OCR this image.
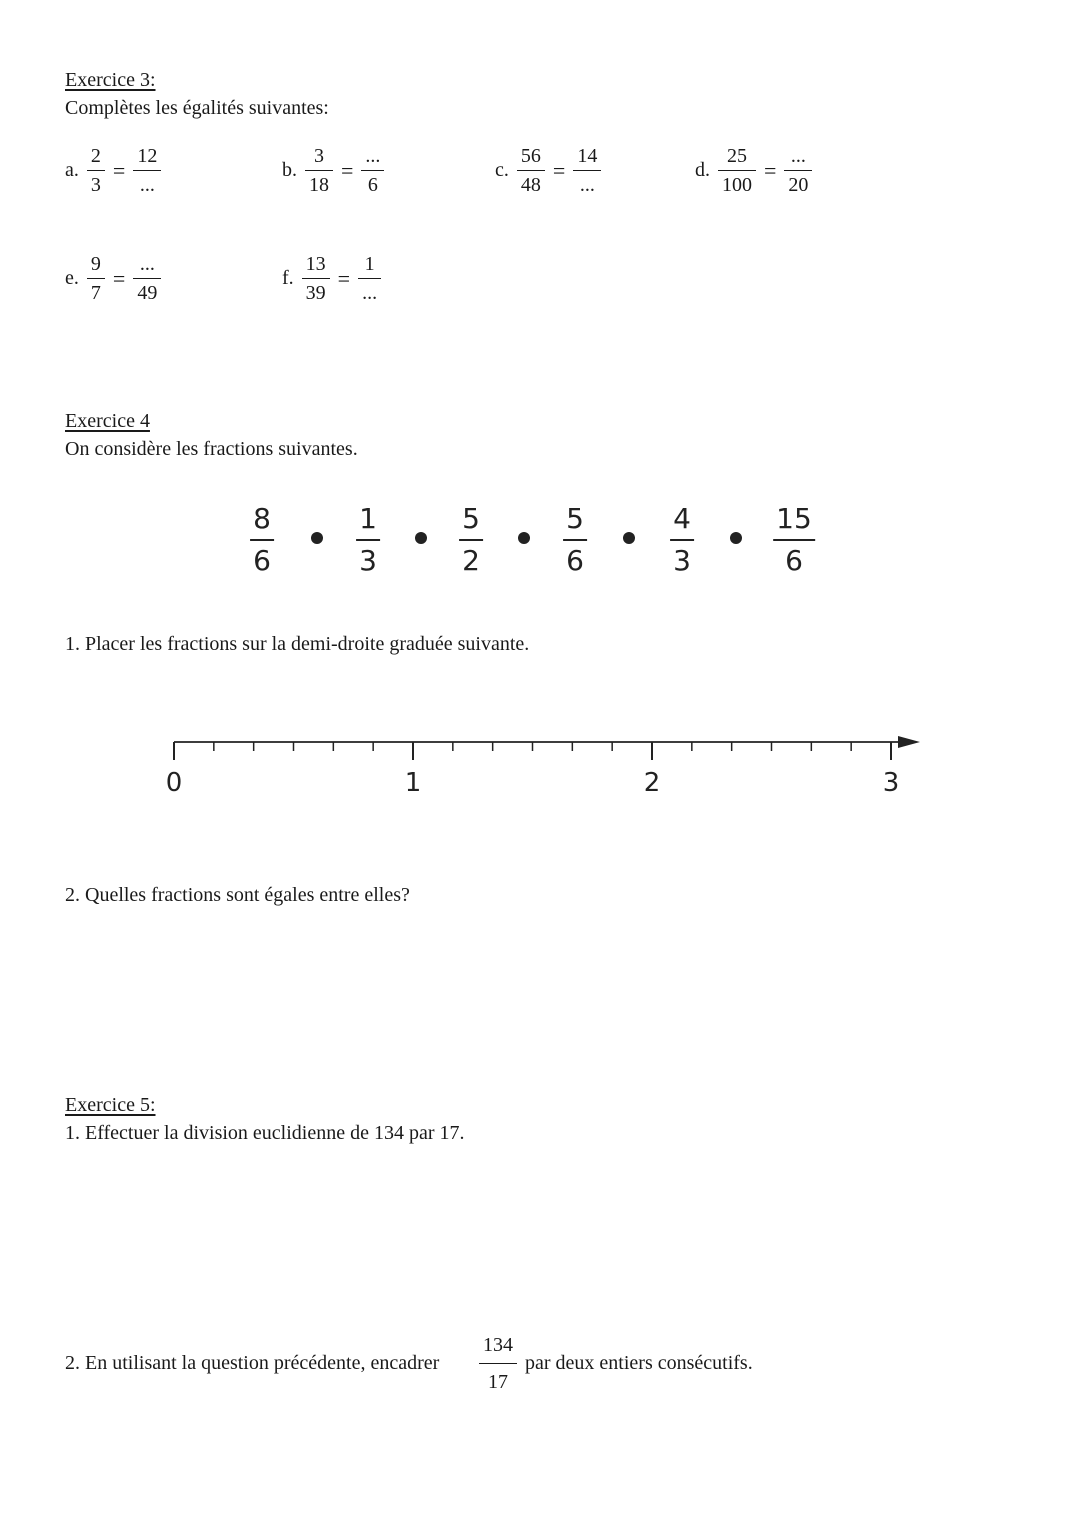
Exercice 3:
Complètes les égalités suivantes:
a. $\frac{2}{3} = \frac{12}{...}$	b. $\frac{3}{18} = \frac{...}{6}$	c. $\frac{56}{48} = \frac{14}{...}$	d. $\frac{25}{100} = \frac{...}{20}$
e. $\frac{9}{7} = \frac{...}{49}$	f. $\frac{13}{39} = \frac{1}{...}$
Exercice 4
On considère les fractions suivantes.
$\frac{8}{6}$	$\frac{1}{3}$	$\frac{5}{2}$	$\frac{5}{6}$	$\frac{4}{3}$	$\frac{15}{6}$
1. Placer les fractions sur la demi-droite graduée suivante.
0	1	2	3
2. Quelles fractions sont égales entre elles?
Exercice 5:
1. Effectuer la division euclidienne de 134 par 17.
2. En utilisant la question précédente, encadrer $\frac{134}{17}$ par deux entiers consécutifs.
